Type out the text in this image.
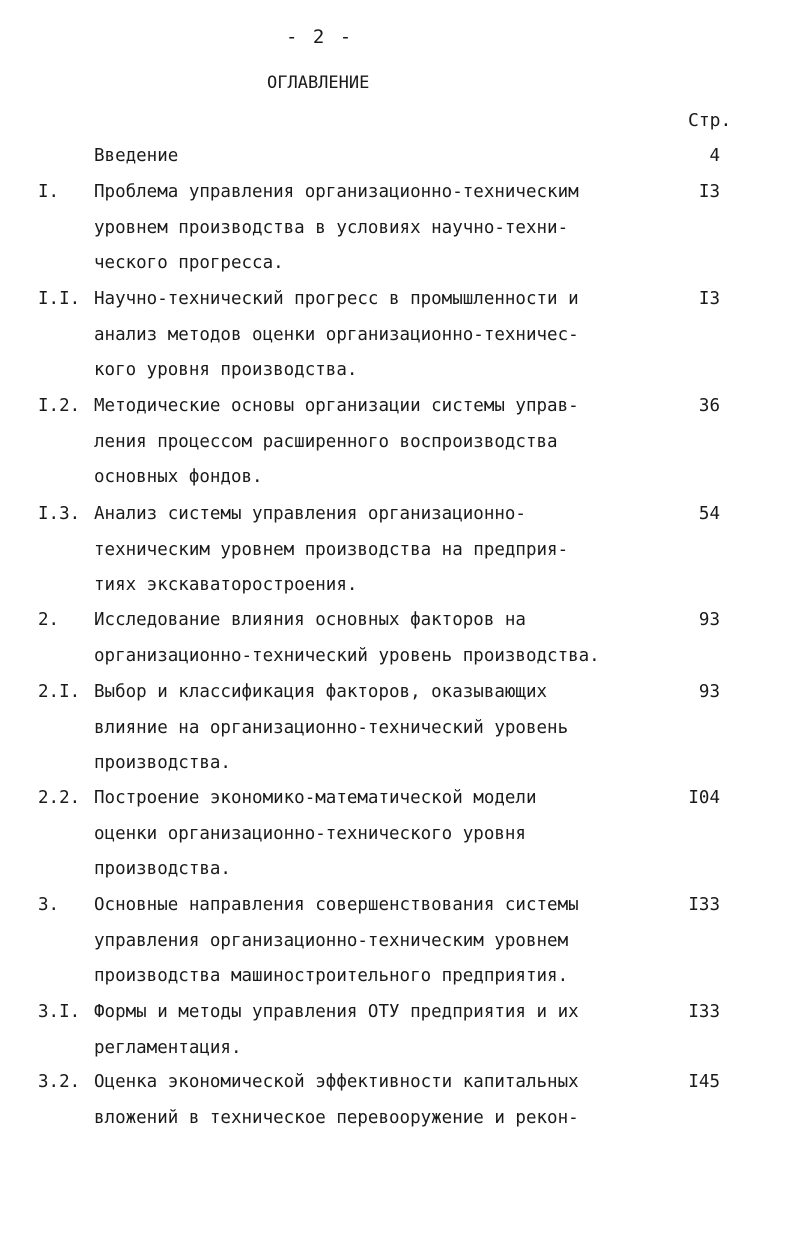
- 2 -
ОГЛАВЛЕНИЕ
Стр.
Введение	4
I. Проблема управления организационно-техническим
уровнем производства в условиях научно-техни-
ческого прогресса.
I3
I.I. Научно-технический прогресс в промышленности и
анализ методов оценки организационно-техничес-
кого уровня производства.
I3
I.2. Методические основы организации системы управ-
ления процессом расширенного воспроизводства
основных фондов.
36
I.3. Анализ системы управления организационно-
техническим уровнем производства на предприя-
тиях экскаваторостроения.
54
2. Исследование влияния основных факторов на
организационно-технический уровень производства.
93
2.I. Выбор и классификация факторов, оказывающих
влияние на организационно-технический уровень
производства.
93
2.2. Построение экономико-математической модели
оценки организационно-технического уровня
производства.
I04
3. Основные направления совершенствования системы
управления организационно-техническим уровнем
производства машиностроительного предприятия.
I33
3.I. Формы и методы управления ОТУ предприятия и их
регламентация.
I33
3.2. Оценка экономической эффективности капитальных
вложений в техническое перевооружение и рекон-
I45
